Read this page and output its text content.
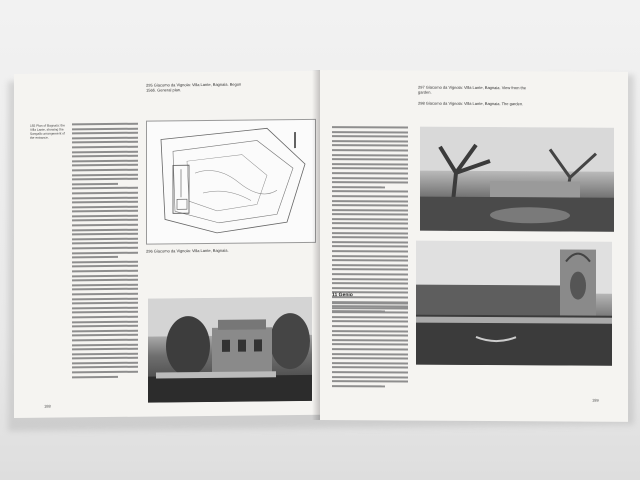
155 Plan of Bagnaia: the Villa Lante, showing the Sangallo arrangement of the entrance.
295 Giacomo da Vignola: Villa Lante, Bagnaia. Begun 1566. General plan.
296 Giacomo da Vignola: Villa Lante, Bagnaia.
188
11 Genio
297 Giacomo da Vignola: Villa Lante, Bagnaia. View from the garden.
298 Giacomo da Vignola: Villa Lante, Bagnaia. The garden.
189
